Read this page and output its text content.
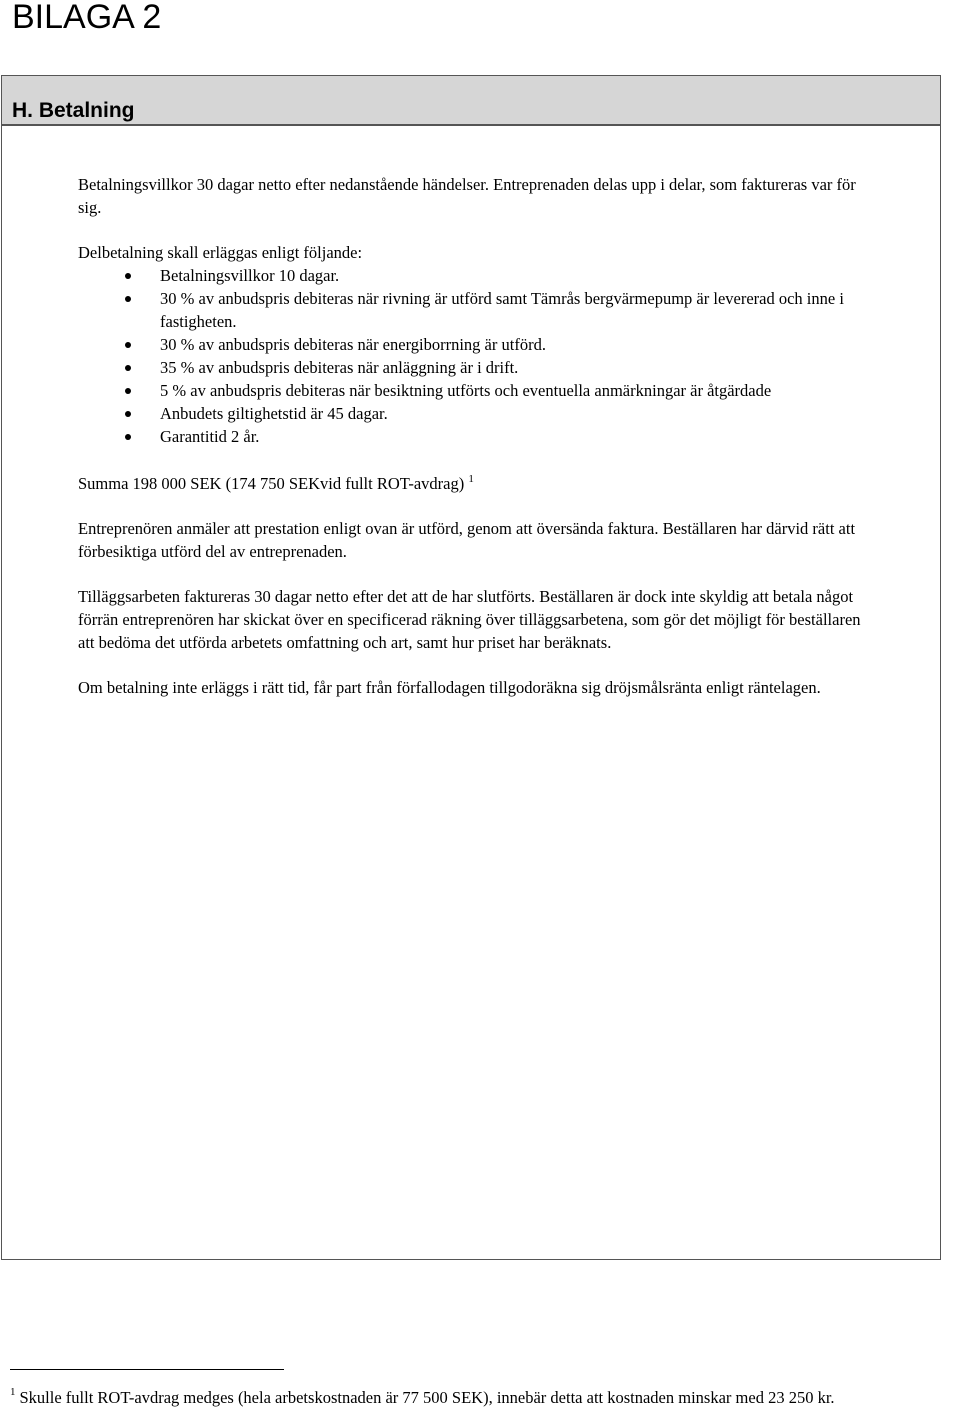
BILAGA 2
H. Betalning

Betalningsvillkor 30 dagar netto efter nedanstående händelser. Entreprenaden delas upp i delar, som faktureras var för sig.

Delbetalning skall erläggas enligt följande:

Betalningsvillkor 10 dagar.
30 % av anbudspris debiteras när rivning är utförd samt Tämrås bergvärmepump är levererad och inne i fastigheten.
30 % av anbudspris debiteras när energiborrning är utförd.
35 % av anbudspris debiteras när anläggning är i drift.
5 % av anbudspris debiteras när besiktning utförts och eventuella anmärkningar är åtgärdade
Anbudets giltighetstid är 45 dagar.
Garantitid 2 år.

Summa 198 000 SEK (174 750 SEKvid fullt ROT-avdrag) $^1$

Entreprenören anmäler att prestation enligt ovan är utförd, genom att översända faktura. Beställaren har därvid rätt att förbesiktiga utförd del av entreprenaden.

Tilläggsarbeten faktureras 30 dagar netto efter det att de har slutförts. Beställaren är dock inte skyldig att betala något förrän entreprenören har skickat över en specificerad räkning över tilläggsarbetena, som gör det möjligt för beställaren att bedöma det utförda arbetets omfattning och art, samt hur priset har beräknats.

Om betalning inte erläggs i rätt tid, får part från förfallodagen tillgodoräkna sig dröjsmålsränta enligt räntelagen.

$^1$ Skulle fullt ROT-avdrag medges (hela arbetskostnaden är 77 500 SEK), innebär detta att kostnaden minskar med 23 250 kr.
